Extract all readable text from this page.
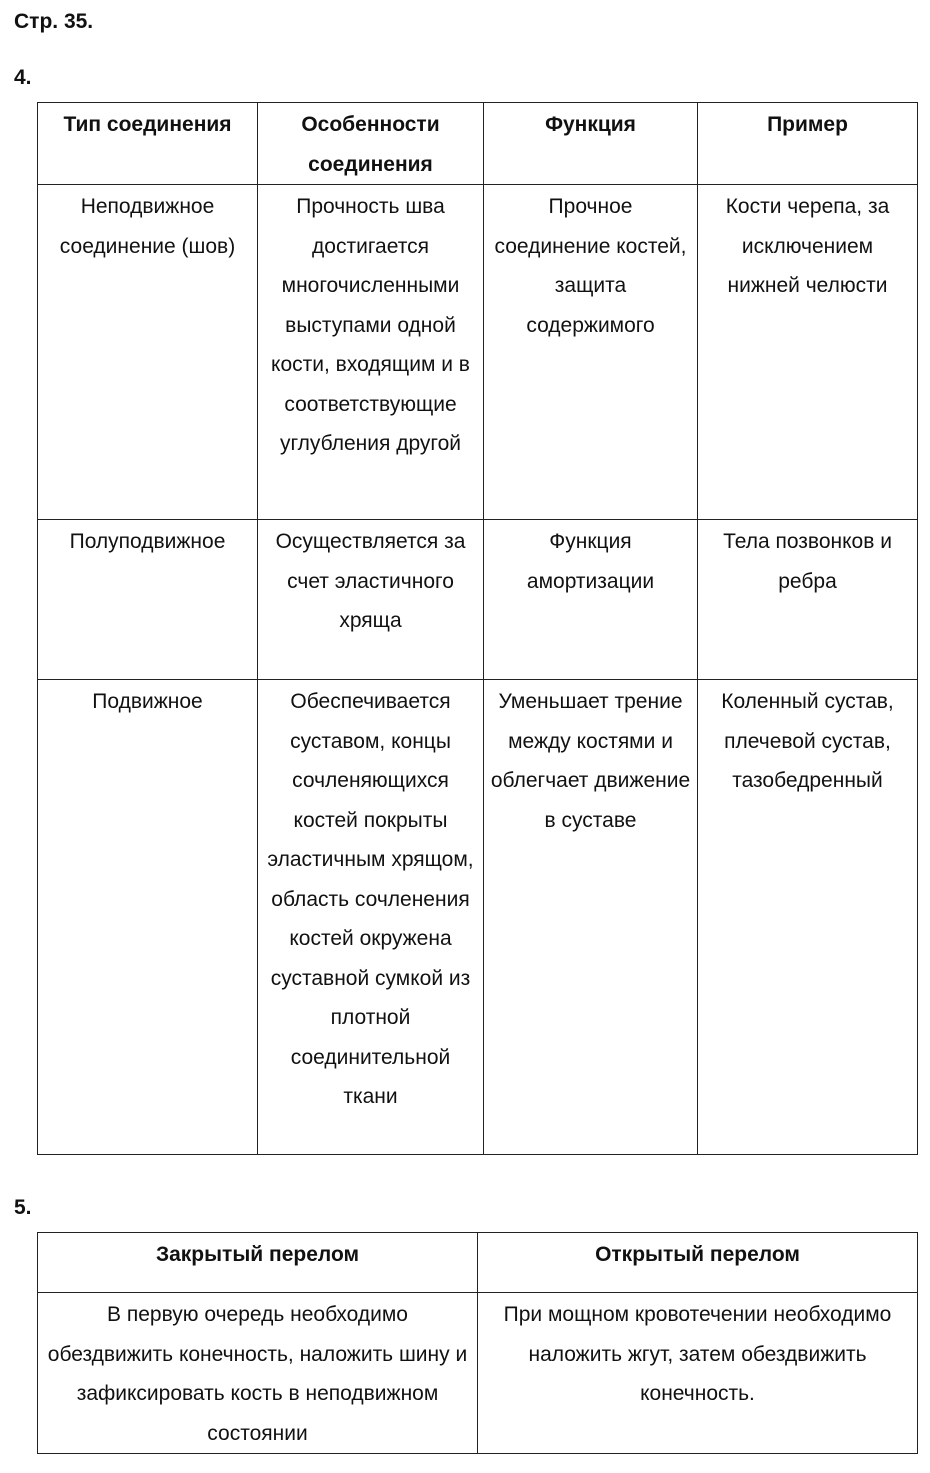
Стр. 35.
4.
Тип соединения	Особенности соединения	Функция	Пример
Неподвижное соединение (шов)	Прочность шва достигается многочисленными выступами одной кости, входящим и в соответствующие углубления другой	Прочное соединение костей, защита содержимого	Кости черепа, за исключением нижней челюсти
Полуподвижное	Осуществляется за счет эластичного хряща	Функция амортизации	Тела позвонков и ребра
Подвижное	Обеспечивается суставом, концы сочленяющихся костей покрыты эластичным хрящом, область сочленения костей окружена суставной сумкой из плотной соединительной ткани	Уменьшает трение между костями и облегчает движение в суставе	Коленный сустав, плечевой сустав, тазобедренный
5.
Закрытый перелом	Открытый перелом
В первую очередь необходимо обездвижить конечность, наложить шину и зафиксировать кость в неподвижном состоянии	При мощном кровотечении необходимо наложить жгут, затем обездвижить конечность.
